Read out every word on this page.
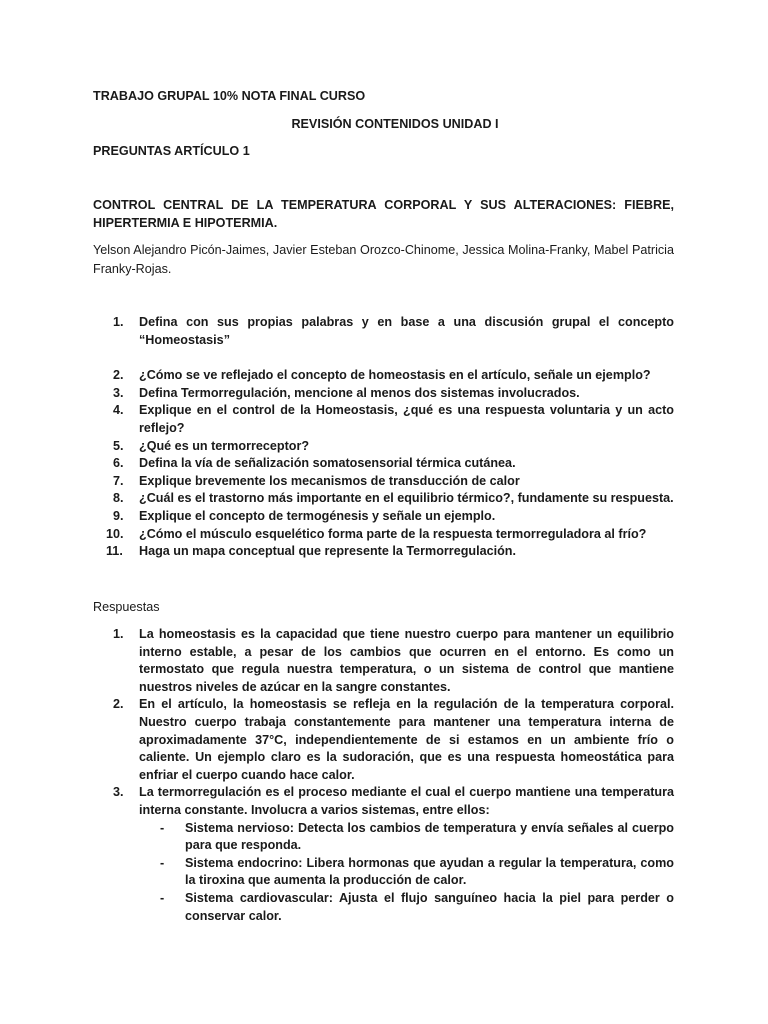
TRABAJO GRUPAL 10% NOTA FINAL CURSO
REVISIÓN CONTENIDOS UNIDAD I
PREGUNTAS ARTÍCULO 1
CONTROL CENTRAL DE LA TEMPERATURA CORPORAL Y SUS ALTERACIONES: FIEBRE, HIPERTERMIA E HIPOTERMIA.
Yelson Alejandro Picón-Jaimes, Javier Esteban Orozco-Chinome, Jessica Molina-Franky, Mabel Patricia Franky-Rojas.
1. Defina con sus propias palabras y en base a una discusión grupal el concepto “Homeostasis”
2. ¿Cómo se ve reflejado el concepto de homeostasis en el artículo, señale un ejemplo?
3. Defina Termorregulación, mencione al menos dos sistemas involucrados.
4. Explique en el control de la Homeostasis, ¿qué es una respuesta voluntaria y un acto reflejo?
5. ¿Qué es un termorreceptor?
6. Defina la vía de señalización somatosensorial térmica cutánea.
7. Explique brevemente los mecanismos de transducción de calor
8. ¿Cuál es el trastorno más importante en el equilibrio térmico?, fundamente su respuesta.
9. Explique el concepto de termogénesis y señale un ejemplo.
10. ¿Cómo el músculo esquelético forma parte de la respuesta termorreguladora al frío?
11. Haga un mapa conceptual que represente la Termorregulación.
Respuestas
1. La homeostasis es la capacidad que tiene nuestro cuerpo para mantener un equilibrio interno estable, a pesar de los cambios que ocurren en el entorno. Es como un termostato que regula nuestra temperatura, o un sistema de control que mantiene nuestros niveles de azúcar en la sangre constantes.
2. En el artículo, la homeostasis se refleja en la regulación de la temperatura corporal. Nuestro cuerpo trabaja constantemente para mantener una temperatura interna de aproximadamente 37°C, independientemente de si estamos en un ambiente frío o caliente. Un ejemplo claro es la sudoración, que es una respuesta homeostática para enfriar el cuerpo cuando hace calor.
3. La termorregulación es el proceso mediante el cual el cuerpo mantiene una temperatura interna constante. Involucra a varios sistemas, entre ellos:
- Sistema nervioso: Detecta los cambios de temperatura y envía señales al cuerpo para que responda.
- Sistema endocrino: Libera hormonas que ayudan a regular la temperatura, como la tiroxina que aumenta la producción de calor.
- Sistema cardiovascular: Ajusta el flujo sanguíneo hacia la piel para perder o conservar calor.
